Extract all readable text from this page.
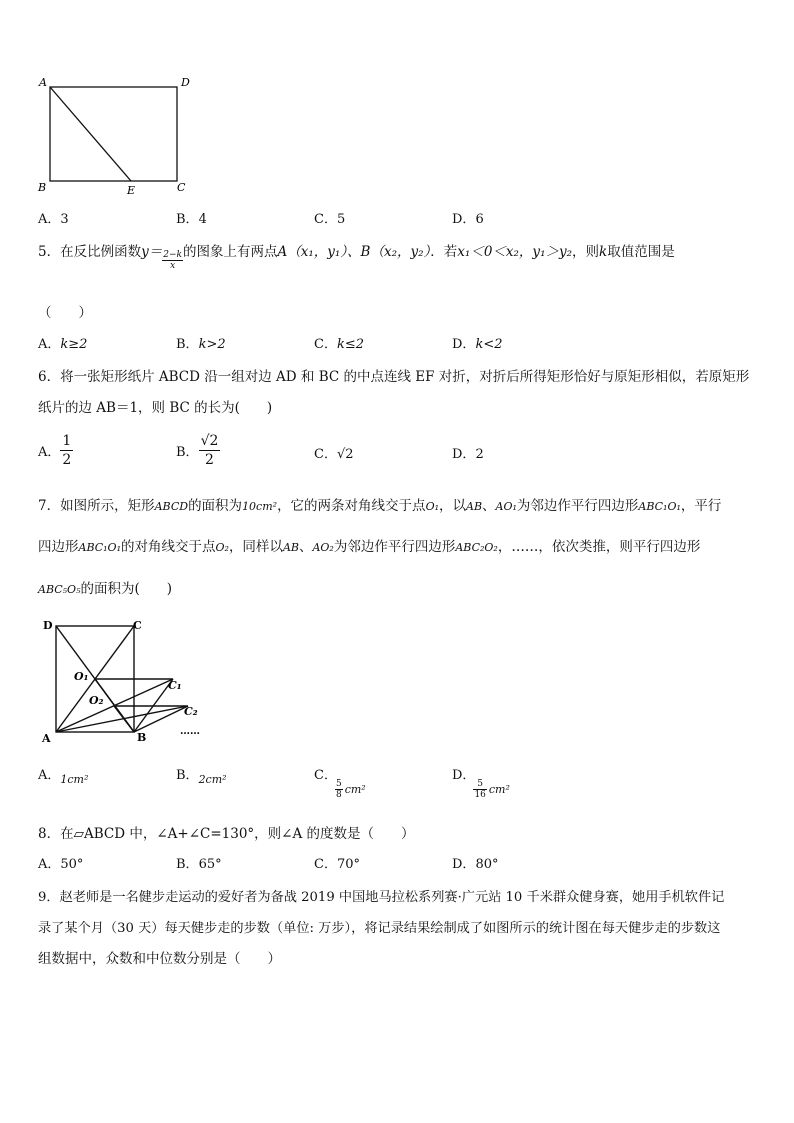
A	D
B	E	C
A．3	B．4	C．5	D．6
5．在反比例函数$y= \frac{2-k}{x}$ 的图象上有两点A（x₁，y₁）、B（x₂，y₂）．若x₁＜0＜x₂，y₁＞y₂，则k取值范围是
（　　）
A．k≥2	B．k>2	C．k≤2	D．k<2
6．将一张矩形纸片 ABCD 沿一组对边 AD 和 BC 的中点连线 EF 对折，对折后所得矩形恰好与原矩形相似，若原矩形
纸片的边 AB＝1，则 BC 的长为(　　)
A． $\frac{1}{2}$	B． $\frac{√2}{2}$	C．√2	D．2
7．如图所示，矩形ABCD的面积为10cm²，它的两条对角线交于点O₁，以AB、AO₁为邻边作平行四边形ABC₁O₁，平行
四边形ABC₁O₁的对角线交于点O₂，同样以AB、AO₂为邻边作平行四边形ABC₂O₂，……，依次类推，则平行四边形
ABC₅O₅的面积为(　　)
D	C
O₁
O₂
C₁
C₂
A	B	……
A．$_{1cm^2}$	B．$_{2cm^2}$	C．
$\frac{5}{8} _{cm^2}$
D．
$\frac{5}{16} _{cm^2}$
8．在▱ABCD 中，∠A+∠C=130°，则∠A 的度数是（　　）
A．50°	B．65°	C．70°	D．80°
9．赵老师是一名健步走运动的爱好者为备战 2019 中国地马拉松系列赛·广元站 10 千米群众健身赛，她用手机软件记
录了某个月（30 天）每天健步走的步数（单位: 万步），将记录结果绘制成了如图所示的统计图在每天健步走的步数这
组数据中，众数和中位数分别是（　　）
